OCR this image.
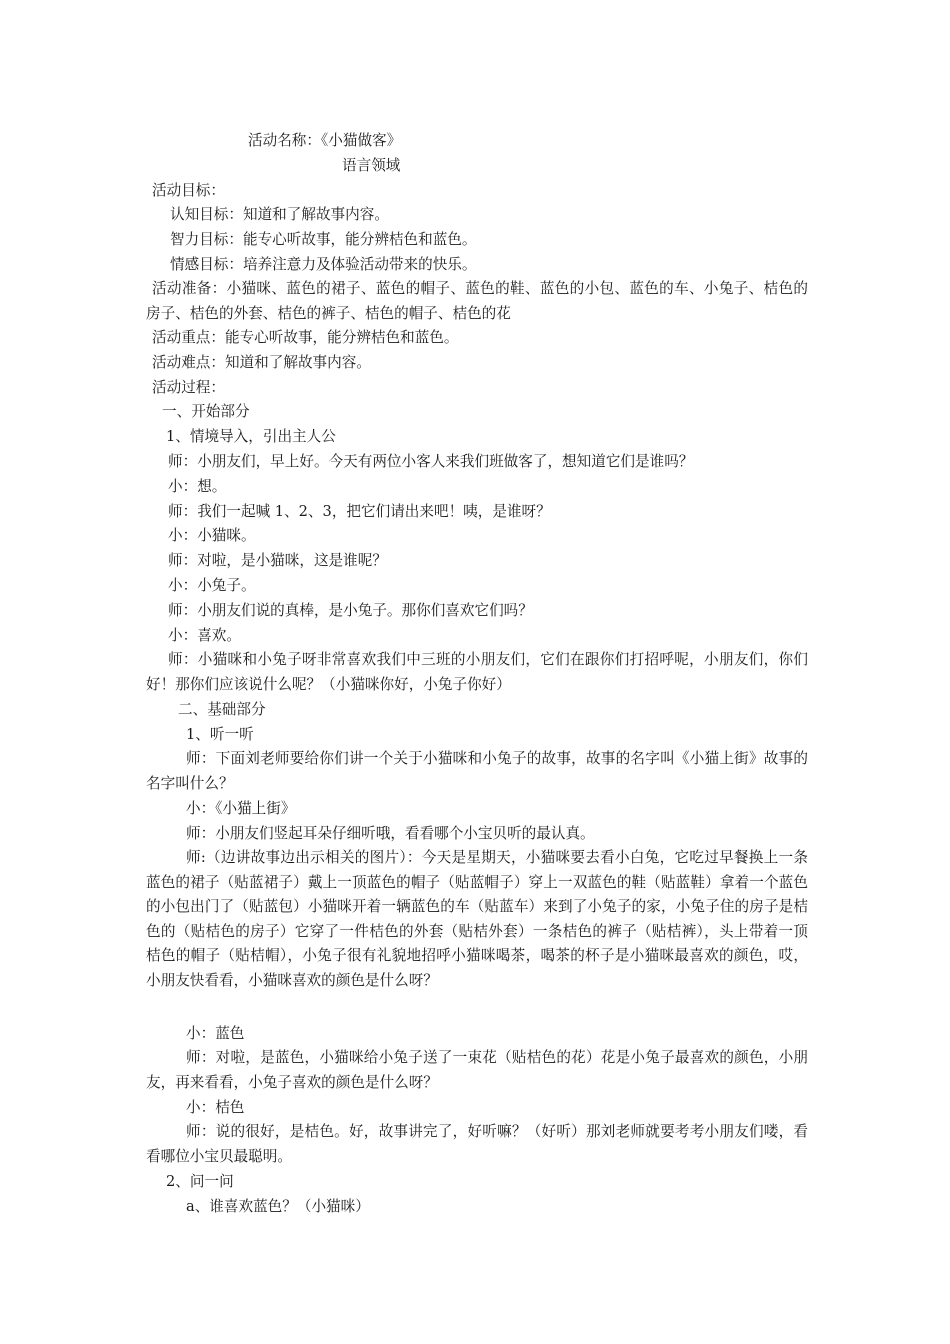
活动名称：《小猫做客》
语言领域
活动目标：
认知目标：知道和了解故事内容。
智力目标：能专心听故事，能分辨桔色和蓝色。
情感目标：培养注意力及体验活动带来的快乐。
活动准备：小猫咪、蓝色的裙子、蓝色的帽子、蓝色的鞋、蓝色的小包、蓝色的车、小兔子、桔色的房子、桔色的外套、桔色的裤子、桔色的帽子、桔色的花
活动重点：能专心听故事，能分辨桔色和蓝色。
活动难点：知道和了解故事内容。
活动过程：
一、开始部分
1、情境导入，引出主人公
师：小朋友们，早上好。今天有两位小客人来我们班做客了，想知道它们是谁吗？
小：想。
师：我们一起喊 1、2、3，把它们请出来吧！咦，是谁呀？
小：小猫咪。
师：对啦，是小猫咪，这是谁呢？
小：小兔子。
师：小朋友们说的真棒，是小兔子。那你们喜欢它们吗？
小：喜欢。
师：小猫咪和小兔子呀非常喜欢我们中三班的小朋友们，它们在跟你们打招呼呢，小朋友们，你们好！那你们应该说什么呢？（小猫咪你好，小兔子你好）
二、基础部分
1、听一听
师：下面刘老师要给你们讲一个关于小猫咪和小兔子的故事，故事的名字叫《小猫上街》故事的名字叫什么？
小：《小猫上街》
师：小朋友们竖起耳朵仔细听哦，看看哪个小宝贝听的最认真。
师:（边讲故事边出示相关的图片）：今天是星期天，小猫咪要去看小白兔，它吃过早餐换上一条蓝色的裙子（贴蓝裙子）戴上一顶蓝色的帽子（贴蓝帽子）穿上一双蓝色的鞋（贴蓝鞋）拿着一个蓝色的小包出门了（贴蓝包）小猫咪开着一辆蓝色的车（贴蓝车）来到了小兔子的家，小兔子住的房子是桔色的（贴桔色的房子）它穿了一件桔色的外套（贴桔外套）一条桔色的裤子（贴桔裤），头上带着一顶桔色的帽子（贴桔帽），小兔子很有礼貌地招呼小猫咪喝茶，喝茶的杯子是小猫咪最喜欢的颜色，哎，小朋友快看看，小猫咪喜欢的颜色是什么呀？
小：蓝色
师：对啦，是蓝色，小猫咪给小兔子送了一束花（贴桔色的花）花是小兔子最喜欢的颜色，小朋友，再来看看，小兔子喜欢的颜色是什么呀？
小：桔色
师：说的很好，是桔色。好，故事讲完了，好听嘛？（好听）那刘老师就要考考小朋友们喽，看看哪位小宝贝最聪明。
2、问一问
a、谁喜欢蓝色？（小猫咪）
